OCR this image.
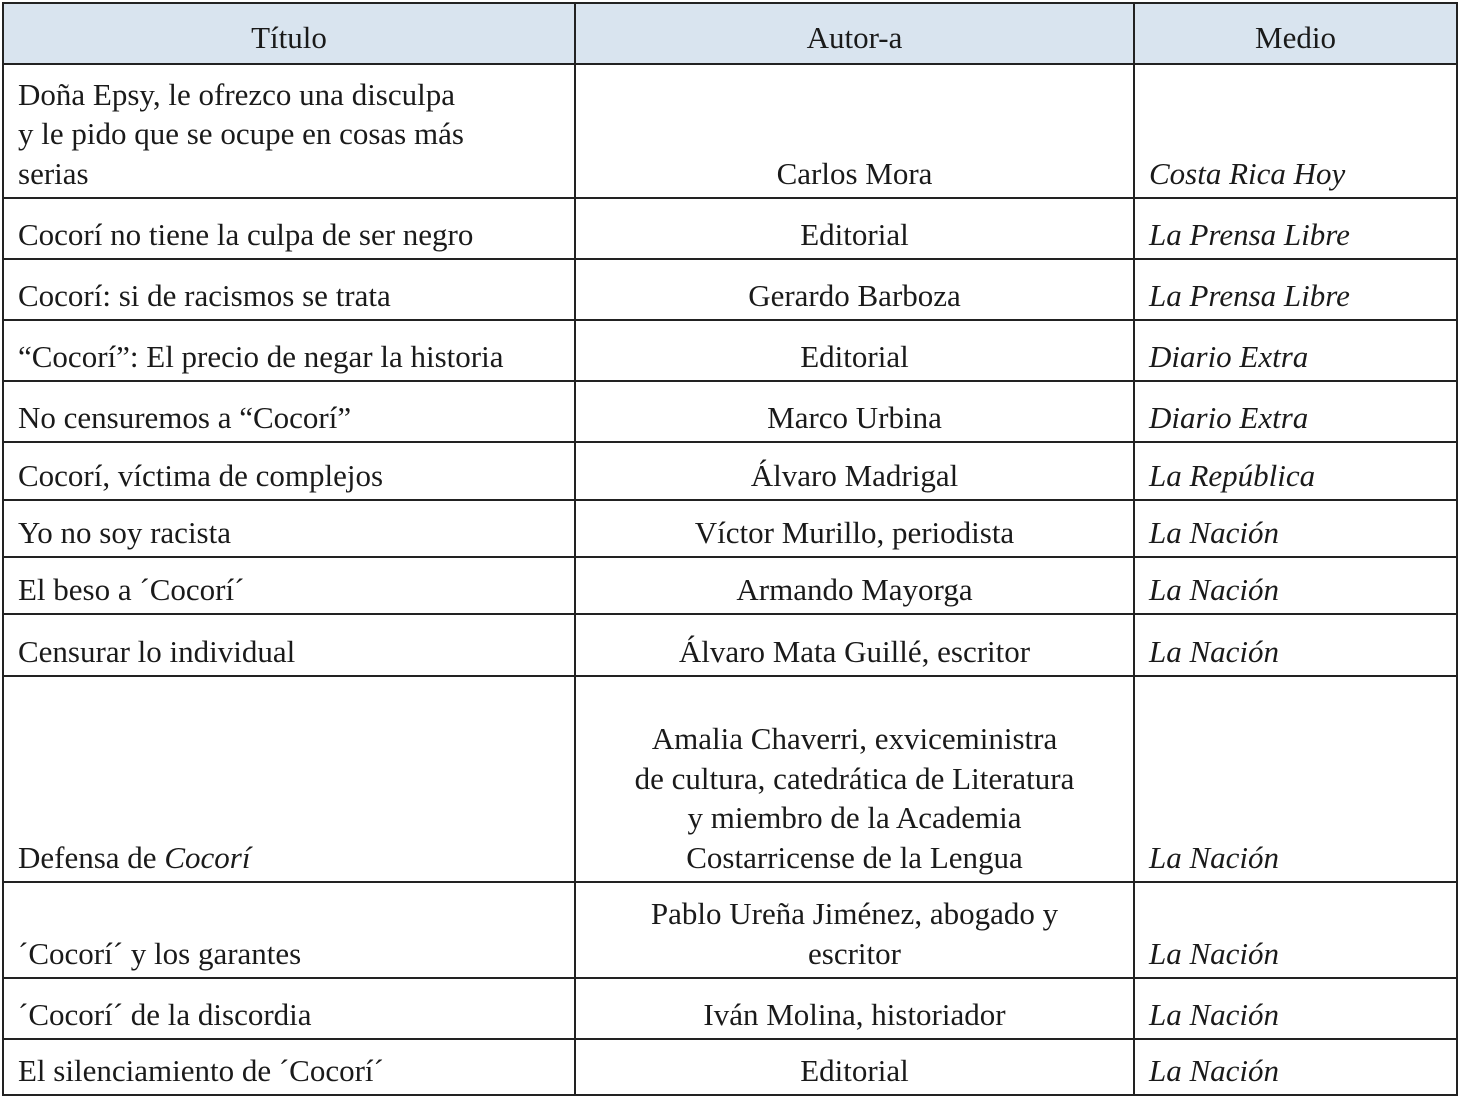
Título	Autor-a	Medio
Doña Epsy, le ofrezco una disculpa
y le pido que se ocupe en cosas más
serias	Carlos Mora	Costa Rica Hoy
Cocorí no tiene la culpa de ser negro	Editorial	La Prensa Libre
Cocorí: si de racismos se trata	Gerardo Barboza	La Prensa Libre
“Cocorí”: El precio de negar la historia	Editorial	Diario Extra
No censuremos a “Cocorí”	Marco Urbina	Diario Extra
Cocorí, víctima de complejos	Álvaro Madrigal	La República
Yo no soy racista	Víctor Murillo, periodista	La Nación
El beso a ´Cocorí´	Armando Mayorga	La Nación
Censurar lo individual	Álvaro Mata Guillé, escritor	La Nación
Defensa de Cocorí	Amalia Chaverri, exviceministra
de cultura, catedrática de Literatura
y miembro de la Academia
Costarricense de la Lengua	La Nación
´Cocorí´ y los garantes	Pablo Ureña Jiménez, abogado y
escritor	La Nación
´Cocorí´ de la discordia	Iván Molina, historiador	La Nación
El silenciamiento de ´Cocorí´	Editorial	La Nación
